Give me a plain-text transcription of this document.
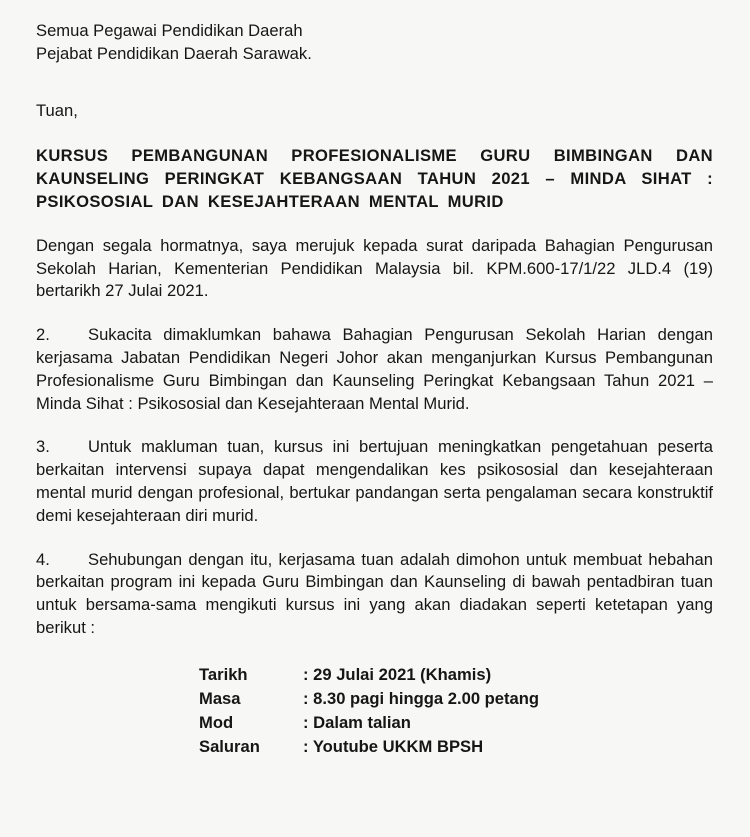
Semua Pegawai Pendidikan Daerah

Pejabat Pendidikan Daerah Sarawak.

Tuan,

KURSUS PEMBANGUNAN PROFESIONALISME GURU BIMBINGAN DAN KAUNSELING PERINGKAT KEBANGSAAN TAHUN 2021 – MINDA SIHAT : PSIKOSOSIAL DAN KESEJAHTERAAN MENTAL MURID

Dengan segala hormatnya, saya merujuk kepada surat daripada Bahagian Pengurusan Sekolah Harian, Kementerian Pendidikan Malaysia bil. KPM.600-17/1/22 JLD.4 (19) bertarikh 27 Julai 2021.

2. Sukacita dimaklumkan bahawa Bahagian Pengurusan Sekolah Harian dengan kerjasama Jabatan Pendidikan Negeri Johor akan menganjurkan Kursus Pembangunan Profesionalisme Guru Bimbingan dan Kaunseling Peringkat Kebangsaan Tahun 2021 – Minda Sihat : Psikososial dan Kesejahteraan Mental Murid.

3. Untuk makluman tuan, kursus ini bertujuan meningkatkan pengetahuan peserta berkaitan intervensi supaya dapat mengendalikan kes psikososial dan kesejahteraan mental murid dengan profesional, bertukar pandangan serta pengalaman secara konstruktif demi kesejahteraan diri murid.

4. Sehubungan dengan itu, kerjasama tuan adalah dimohon untuk membuat hebahan berkaitan program ini kepada Guru Bimbingan dan Kaunseling di bawah pentadbiran tuan untuk bersama-sama mengikuti kursus ini yang akan diadakan seperti ketetapan yang berikut :

Tarikh	: 29 Julai 2021 (Khamis)
Masa	: 8.30 pagi hingga 2.00 petang
Mod	: Dalam talian
Saluran	: Youtube UKKM BPSH
